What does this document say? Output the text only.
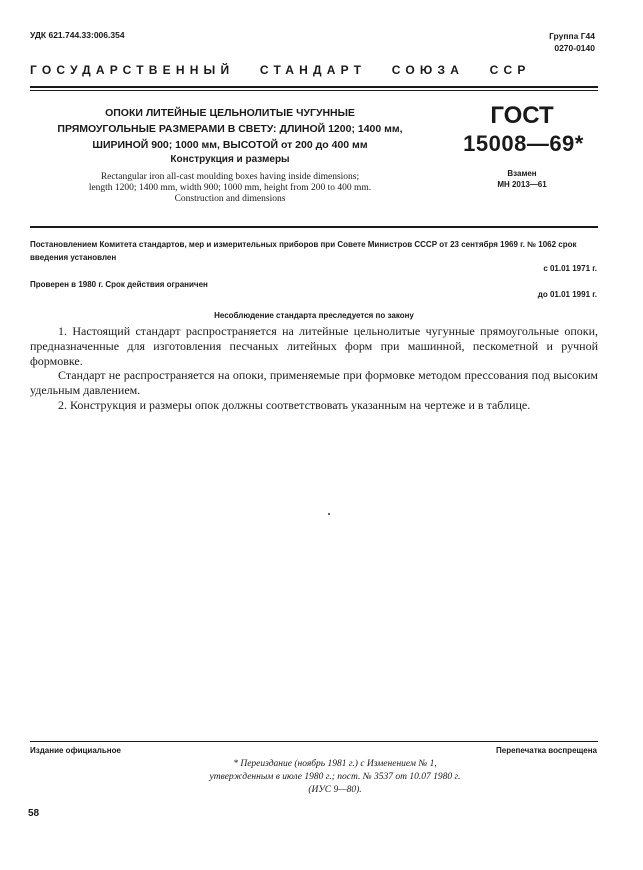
УДК 621.744.33:006.354	Группа Г44
0270-0140
ГОСУДАРСТВЕННЫЙ   СТАНДАРТ   СОЮЗА   ССР
ОПОКИ ЛИТЕЙНЫЕ ЦЕЛЬНОЛИТЫЕ ЧУГУННЫЕ
ПРЯМОУГОЛЬНЫЕ РАЗМЕРАМИ В СВЕТУ: ДЛИНОЙ 1200; 1400 мм,
ШИРИНОЙ 900; 1000 мм, ВЫСОТОЙ от 200 до 400 мм
Конструкция и размеры
Rectangular iron all-cast moulding boxes having inside dimensions;
length 1200; 1400 mm, width 900; 1000 mm, height from 200 to 400 mm.
Construction and dimensions
ГОСТ
15008—69*
Взамен
МН 2013—61
Постановлением Комитета стандартов, мер и измерительных приборов при Совете Министров СССР от 23 сентября 1969 г. № 1062 срок введения установлен
с 01.01 1971 г.
Проверен в 1980 г. Срок действия ограничен
до 01.01 1991 г.
Несоблюдение стандарта преследуется по закону

1. Настоящий стандарт распространяется на литейные цельнолитые чугунные прямоугольные опоки, предназначенные для изготовления песчаных литейных форм при машинной, пескометной и ручной формовке.

Стандарт не распространяется на опоки, применяемые при формовке методом прессования под высоким удельным давлением.

2. Конструкция и размеры опок должны соответствовать указанным на чертеже и в таблице.

Издание официальное	Перепечатка воспрещена
* Переиздание (ноябрь 1981 г.) с Изменением № 1,
утвержденным в июле 1980 г.; пост. № 3537 от 10.07 1980 г.
(ИУС 9—80).
58
